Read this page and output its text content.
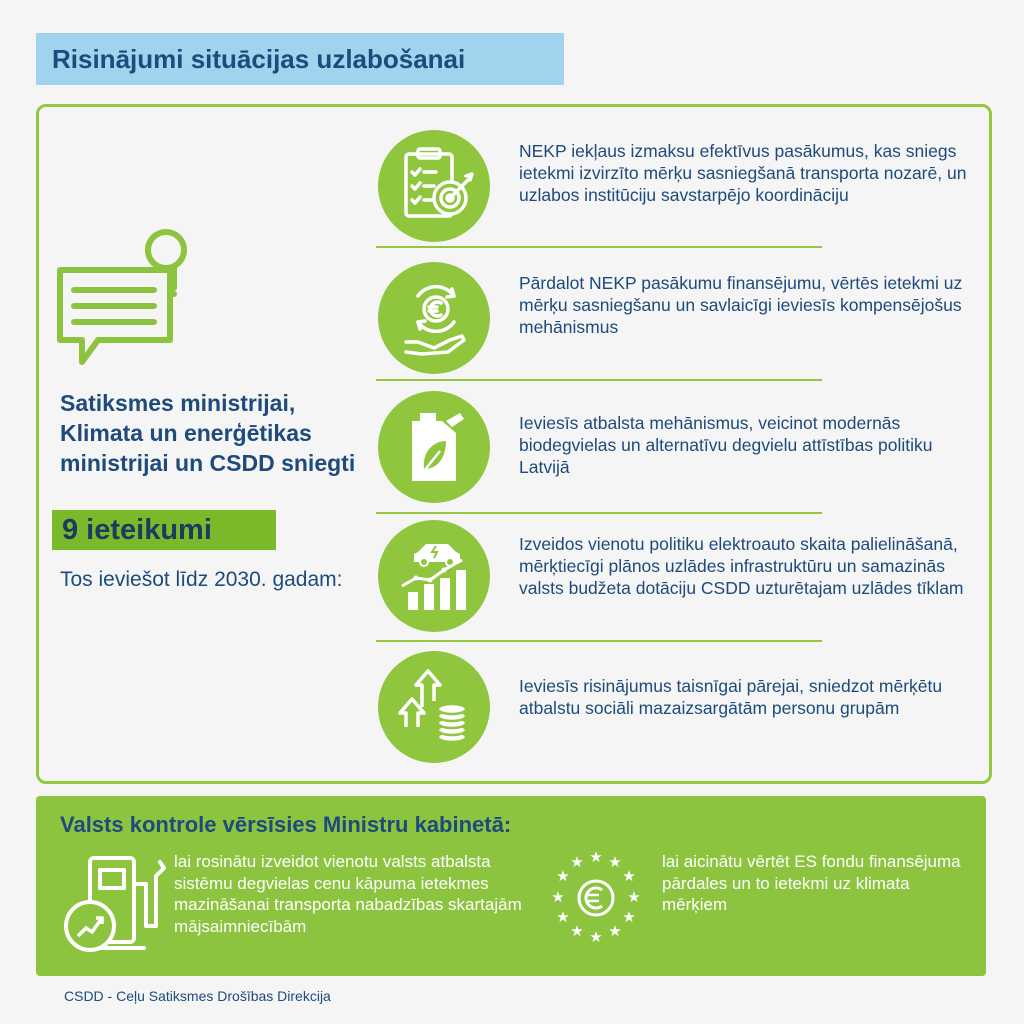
Risinājumi situācijas uzlabošanai
Satiksmes ministrijai, Klimata un enerģētikas ministrijai un CSDD sniegti
9 ieteikumi
Tos ieviešot līdz 2030. gadam:
NEKP iekļaus izmaksu efektīvus pasākumus, kas sniegs ietekmi izvirzīto mērķu sasniegšanā transporta nozarē, un uzlabos institūciju savstarpējo koordināciju
Pārdalot NEKP pasākumu finansējumu, vērtēs ietekmi uz mērķu sasniegšanu un savlaicīgi ieviesīs kompensējošus mehānismus
Ieviesīs atbalsta mehānismus, veicinot modernās biodegvielas un alternatīvu degvielu attīstības politiku Latvijā
Izveidos vienotu politiku elektroauto skaita palielināšanā, mērķtiecīgi plānos uzlādes infrastruktūru un samazinās valsts budžeta dotāciju CSDD uzturētajam uzlādes tīklam
Ieviesīs risinājumus taisnīgai pārejai, sniedzot mērķētu atbalstu sociāli mazaizsargātām personu grupām
Valsts kontrole vērsīsies Ministru kabinetā:
lai rosinātu izveidot vienotu valsts atbalsta sistēmu degvielas cenu kāpuma ietekmes mazināšanai transporta nabadzības skartajām mājsaimniecībām
★ ★
★
★
★
★
★
★
★
★
★
★	lai aicinātu vērtēt ES fondu finansējuma pārdales un to ietekmi uz klimata mērķiem
CSDD - Ceļu Satiksmes Drošības Direkcija
